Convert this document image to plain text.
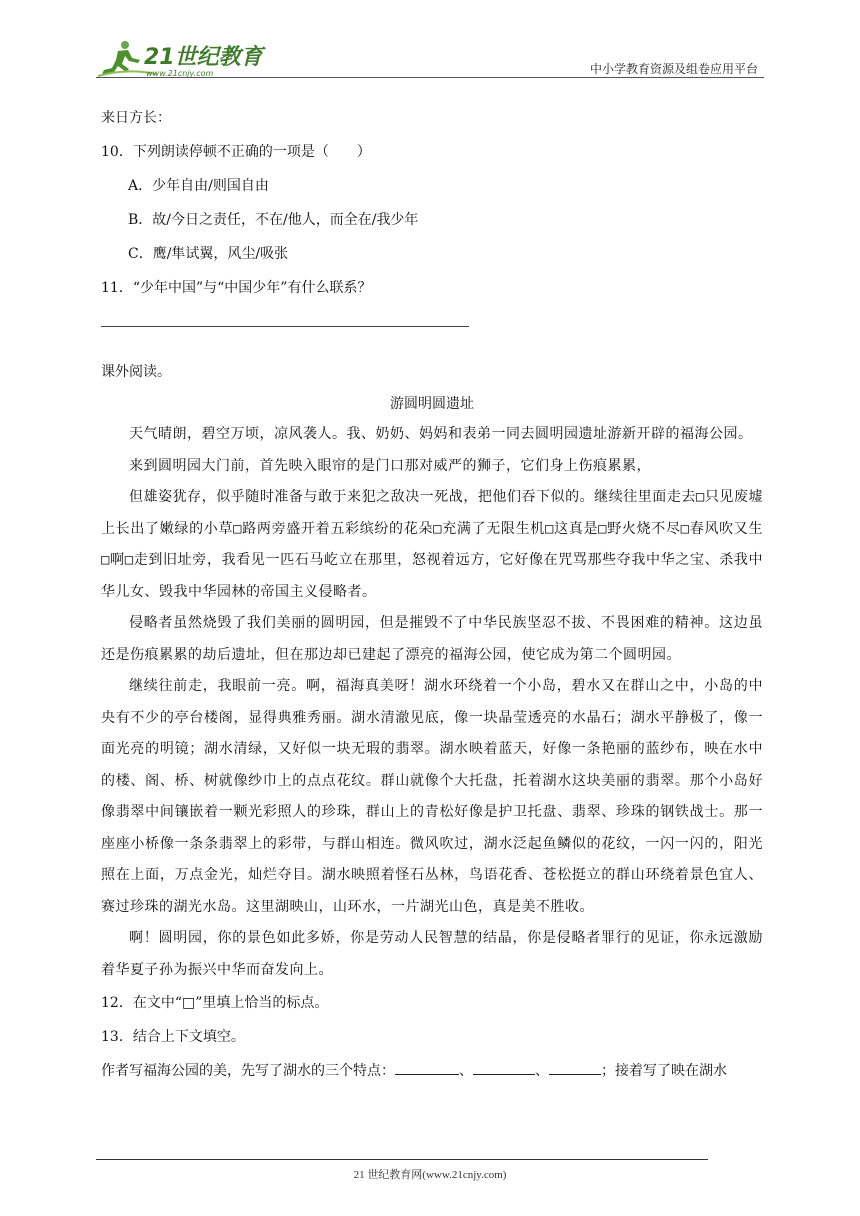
21世纪教育
www.21cnjy.com	中小学教育资源及组卷应用平台
来日方长：
10．下列朗读停顿不正确的一项是（　　）
A．少年自由/则国自由
B．故/今日之责任，不在/他人，而全在/我少年
C．鹰/隼试翼，风尘/吸张
11．“少年中国”与“中国少年”有什么联系？
课外阅读。
游圆明圆遗址
天气晴朗，碧空万顷，凉风袭人。我、奶奶、妈妈和表弟一同去圆明园遗址游新开辟的福海公园。
来到圆明园大门前，首先映入眼帘的是门口那对威严的狮子，它们身上伤痕累累，
但雄姿犹存，似乎随时准备与敢于来犯之敌决一死战，把他们吞下似的。继续往里面走去□只见废墟上长出了嫩绿的小草□路两旁盛开着五彩缤纷的花朵□充满了无限生机□这真是□野火烧不尽□春风吹又生□啊□走到旧址旁，我看见一匹石马屹立在那里，怒视着远方，它好像在咒骂那些夺我中华之宝、杀我中华儿女、毁我中华园林的帝国主义侵略者。
侵略者虽然烧毁了我们美丽的圆明园，但是摧毁不了中华民族坚忍不拔、不畏困难的精神。这边虽还是伤痕累累的劫后遗址，但在那边却已建起了漂亮的福海公园，使它成为第二个圆明园。
继续往前走，我眼前一亮。啊，福海真美呀！湖水环绕着一个小岛，碧水又在群山之中，小岛的中央有不少的亭台楼阁，显得典雅秀丽。湖水清澈见底，像一块晶莹透亮的水晶石；湖水平静极了，像一面光亮的明镜；湖水清绿，又好似一块无瑕的翡翠。湖水映着蓝天，好像一条艳丽的蓝纱布，映在水中的楼、阁、桥、树就像纱巾上的点点花纹。群山就像个大托盘，托着湖水这块美丽的翡翠。那个小岛好像翡翠中间镶嵌着一颗光彩照人的珍珠，群山上的青松好像是护卫托盘、翡翠、珍珠的钢铁战士。那一座座小桥像一条条翡翠上的彩带，与群山相连。微风吹过，湖水泛起鱼鳞似的花纹，一闪一闪的，阳光照在上面，万点金光，灿烂夺目。湖水映照着怪石丛林，鸟语花香、苍松挺立的群山环绕着景色宜人、赛过珍珠的湖光水岛。这里湖映山，山环水，一片湖光山色，真是美不胜收。
啊！圆明园，你的景色如此多娇，你是劳动人民智慧的结晶，你是侵略者罪行的见证，你永远激励着华夏子孙为振兴中华而奋发向上。
12．在文中“□”里填上恰当的标点。
13．结合上下文填空。
作者写福海公园的美，先写了湖水的三个特点：	、	、	；接着写了映在湖水
21 世纪教育网(www.21cnjy.com)
